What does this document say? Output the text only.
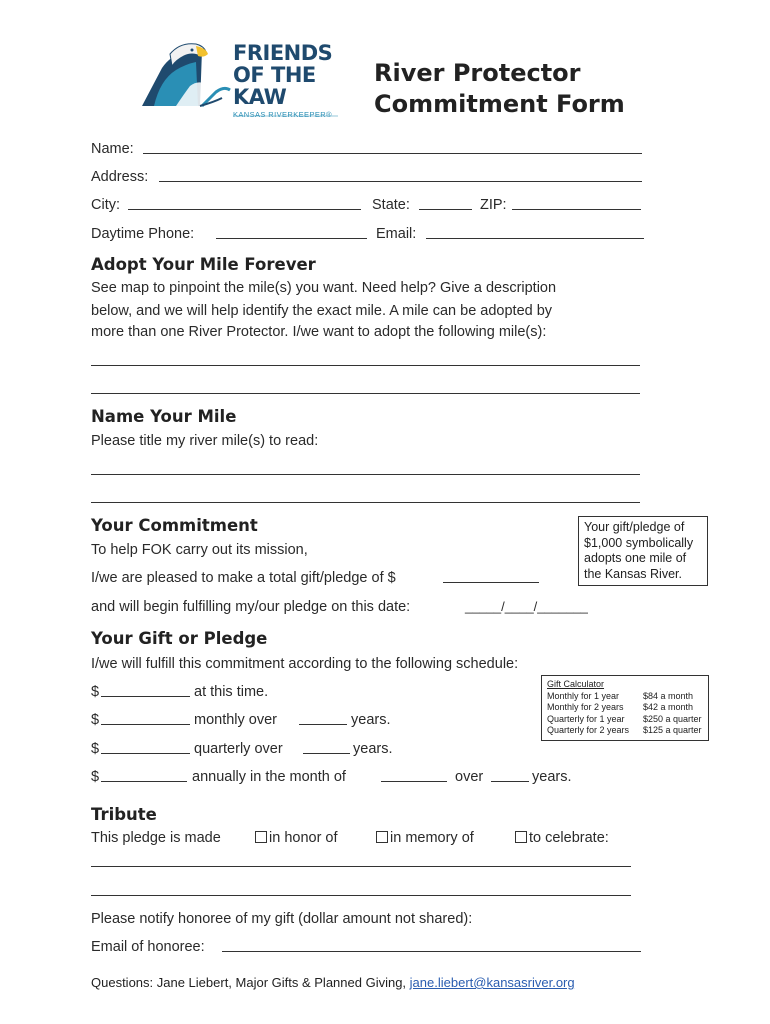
FRIENDS
OF THE
KAW
KANSAS RIVERKEEPER®
River Protector
Commitment Form
Name:
Address:
City:	State:	ZIP:
Daytime Phone:	Email:
Adopt Your Mile Forever
See map to pinpoint the mile(s) you want. Need help? Give a description
below, and we will help identify the exact mile. A mile can be adopted by
more than one River Protector. I/we want to adopt the following mile(s):
Name Your Mile
Please title my river mile(s) to read:
Your Commitment
To help FOK carry out its mission,
I/we are pleased to make a total gift/pledge of $
and will begin fulfilling my/our pledge on this date:	_____/____/_______
Your gift/pledge of $1,000 symbolically adopts one mile of the Kansas River.
Your Gift or Pledge
I/we will fulfill this commitment according to the following schedule:
$	at this time.
$	monthly over	years.
$	quarterly over	years.
$	annually in the month of	over	years.
Gift Calculator
Monthly for 1 year	$84 a month
Monthly for 2 years	$42 a month
Quarterly for 1 year	$250 a quarter
Quarterly for 2 years	$125 a quarter
Tribute
This pledge is made	in honor of	in memory of	to celebrate:
Please notify honoree of my gift (dollar amount not shared):
Email of honoree:
Questions: Jane Liebert, Major Gifts & Planned Giving, jane.liebert@kansasriver.org
